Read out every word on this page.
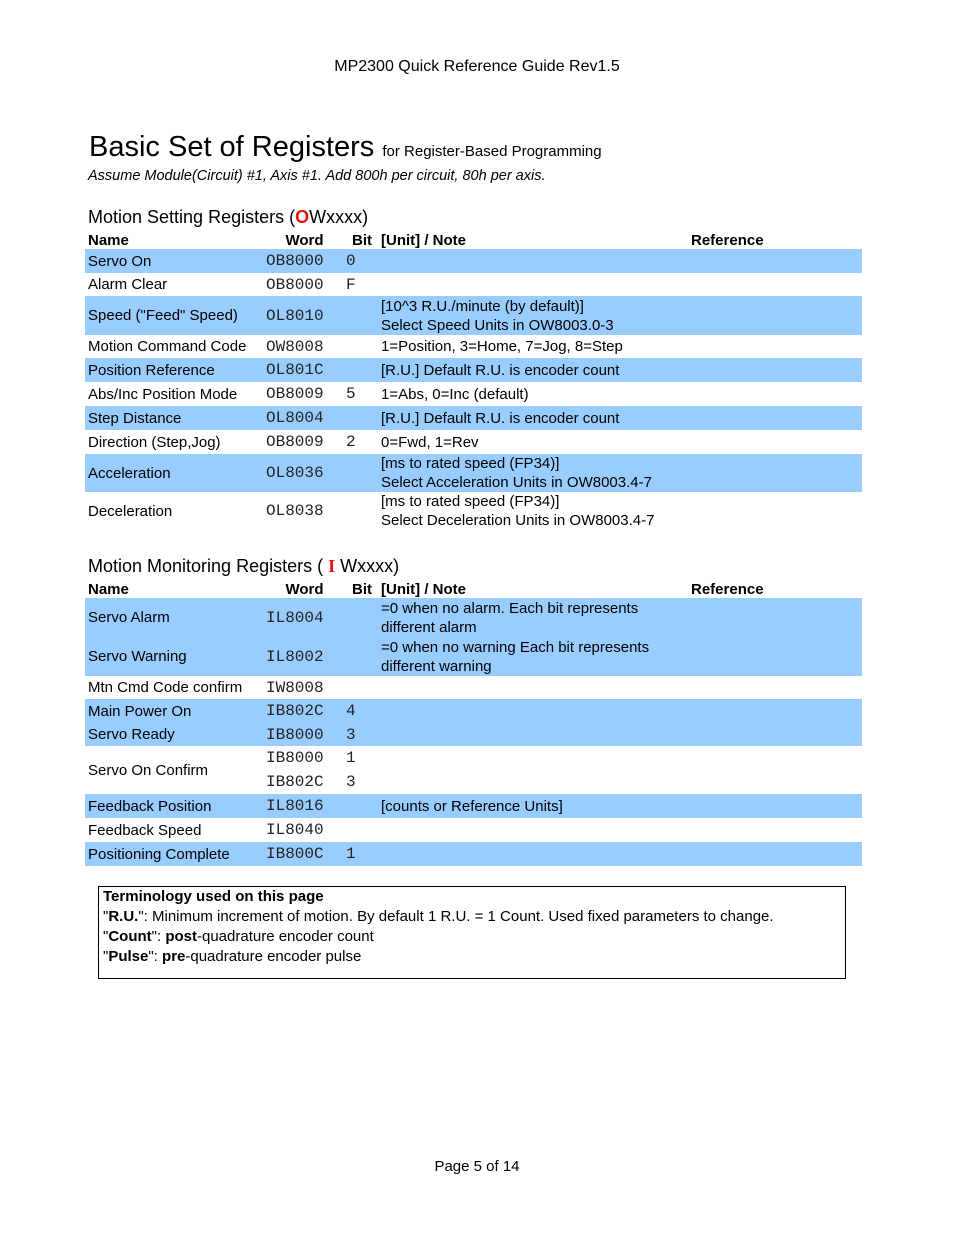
MP2300 Quick Reference Guide Rev1.5
Basic Set of Registers for Register-Based Programming
Assume Module(Circuit) #1, Axis #1. Add 800h per circuit, 80h per axis.
Motion Setting Registers (OWxxxx)
Name	Word	Bit	[Unit] / Note	Reference
Servo On	OB8000	0		
Alarm Clear	OB8000	F		
Speed ("Feed" Speed)	OL8010		[10^3 R.U./minute (by default)]
Select Speed Units in OW8003.0-3	

Motion Command Code	OW8008		1=Position, 3=Home, 7=Jog, 8=Step	
Position Reference	OL801C		[R.U.] Default R.U. is encoder count	
Abs/Inc Position Mode	OB8009	5	1=Abs, 0=Inc (default)	
Step Distance	OL8004		[R.U.] Default R.U. is encoder count	
Direction (Step,Jog)	OB8009	2	0=Fwd, 1=Rev	
Acceleration	OL8036		[ms to rated speed (FP34)]
Select Acceleration Units in OW8003.4-7	

Deceleration	OL8038		[ms to rated speed (FP34)]
Select Deceleration Units in OW8003.4-7	

Motion Monitoring Registers ( I Wxxxx)
Name	Word	Bit	[Unit] / Note	Reference
Servo Alarm	IL8004		=0 when no alarm. Each bit represents
different alarm	

Servo Warning	IL8002		=0 when no warning Each bit represents
different warning	

Mtn Cmd Code confirm	IW8008			
Main Power On	IB802C	4		
Servo Ready	IB8000	3		
Servo On Confirm	IB8000	1		
	IB802C	3		
Feedback Position	IL8016		[counts or Reference Units]	
Feedback Speed	IL8040			
Positioning Complete	IB800C	1		
Terminology used on this page
"R.U.": Minimum increment of motion. By default 1 R.U. = 1 Count. Used fixed parameters to change.
"Count": post-quadrature encoder count
"Pulse": pre-quadrature encoder pulse
Page 5 of 14
